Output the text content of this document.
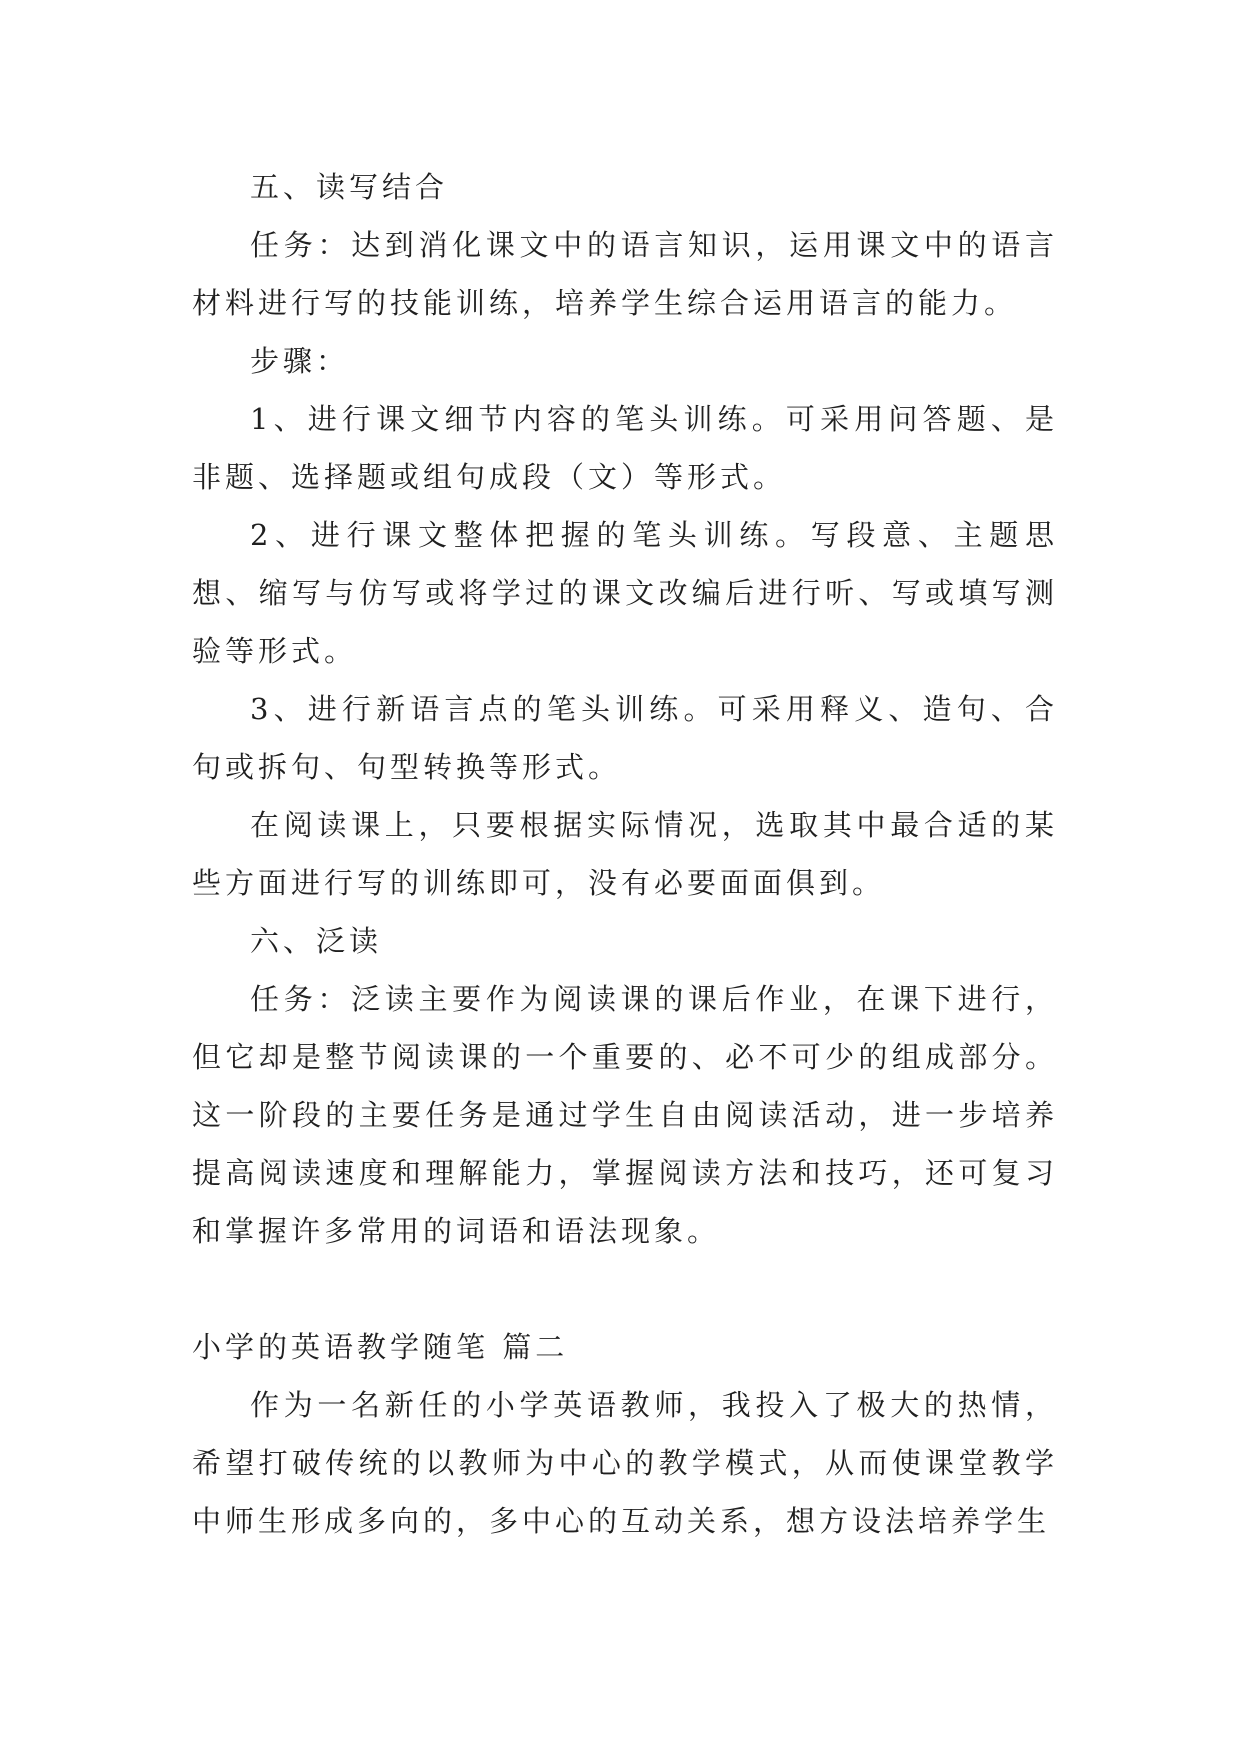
五、读写结合

任务：达到消化课文中的语言知识，运用课文中的语言材料进行写的技能训练，培养学生综合运用语言的能力。

步骤：

1、进行课文细节内容的笔头训练。可采用问答题、是非题、选择题或组句成段（文）等形式。

2、进行课文整体把握的笔头训练。写段意、主题思想、缩写与仿写或将学过的课文改编后进行听、写或填写测验等形式。

3、进行新语言点的笔头训练。可采用释义、造句、合句或拆句、句型转换等形式。

在阅读课上，只要根据实际情况，选取其中最合适的某些方面进行写的训练即可，没有必要面面俱到。

六、泛读

任务：泛读主要作为阅读课的课后作业，在课下进行，但它却是整节阅读课的一个重要的、必不可少的组成部分。这一阶段的主要任务是通过学生自由阅读活动，进一步培养提高阅读速度和理解能力，掌握阅读方法和技巧，还可复习和掌握许多常用的词语和语法现象。

小学的英语教学随笔 篇二

作为一名新任的小学英语教师，我投入了极大的热情，希望打破传统的以教师为中心的教学模式，从而使课堂教学中师生形成多向的，多中心的互动关系，想方设法培养学生
